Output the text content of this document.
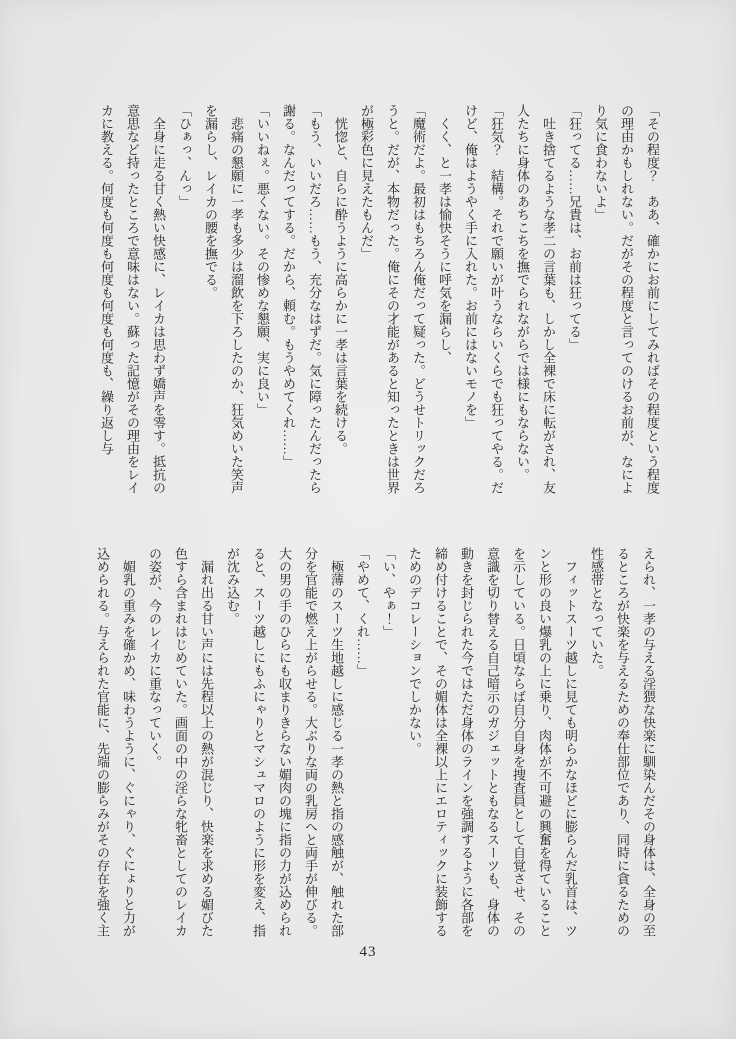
「その程度？　ああ、確かにお前にしてみればその程度という程度
の理由かもしれない。だがその程度と言ってのけるお前が、なによ
り気に食わないよ」
「狂ってる……兄貴は、お前は狂ってる」
　吐き捨てるような孝二の言葉も、しかし全裸で床に転がされ、友
人たちに身体のあちこちを撫でられながらでは様にもならない。
「狂気？　結構。それで願いが叶うならいくらでも狂ってやる。だ
けど、俺はようやく手に入れた。お前にはないモノを」
　くく、と一孝は愉快そうに呼気を漏らし、
「魔術だよ。最初はもちろん俺だって疑った。どうせトリックだろ
うと。だが、本物だった。俺にその才能があると知ったときは世界
が極彩色に見えたもんだ」
　恍惚と、自らに酔うように高らかに一孝は言葉を続ける。
「もう、いいだろ……もう、充分なはずだ。気に障ったんだったら
謝る。なんだってする。だから、頼む。もうやめてくれ……」
「いいねぇ。悪くない。その惨めな懇願、実に良い」
　悲痛の懇願に一孝も多少は溜飲を下ろしたのか、狂気めいた笑声
を漏らし、レイカの腰を撫でる。
「ひぁっ、んっ」
　全身に走る甘く熱い快感に、レイカは思わず嬌声を零す。抵抗の
意思など持ったところで意味はない。蘇った記憶がその理由をレイ
カに教える。何度も何度も何度も何度も何度も、繰り返し与
えられ、一孝の与える淫猥な快楽に馴染んだその身体は、全身の至
るところが快楽を与えるための奉仕部位であり、同時に貪るための
性感帯となっていた。
　フィットスーツ越しに見ても明らかなほどに膨らんだ乳首は、ツ
ンと形の良い爆乳の上に乗り、肉体が不可避の興奮を得ていること
を示している。日頃ならば自分自身を捜査員として自覚させ、その
意識を切り替える自己暗示のガジェットともなるスーツも、身体の
動きを封じられた今ではただ身体のラインを強調するように各部を
締め付けることで、その媚体は全裸以上にエロティックに装飾する
ためのデコレーションでしかない。
「い、やぁ！」
「やめて、くれ……」
　極薄のスーツ生地越しに感じる一孝の熱と指の感触が、触れた部
分を官能で燃え上がらせる。大ぶりな両の乳房へと両手が伸びる。
大の男の手のひらにも収まりきらない媚肉の塊に指の力が込められ
ると、スーツ越しにもふにゃりとマシュマロのように形を変え、指
が沈み込む。
　漏れ出る甘い声には先程以上の熱が混じり、快楽を求める媚びた
色すら含まれはじめていた。画面の中の淫らな牝畜としてのレイカ
の姿が、今のレイカに重なっていく。
　媚乳の重みを確かめ、味わうように、ぐにゃり、ぐにょりと力が
込められる。与えられた官能に、先端の膨らみがその存在を強く主
43
